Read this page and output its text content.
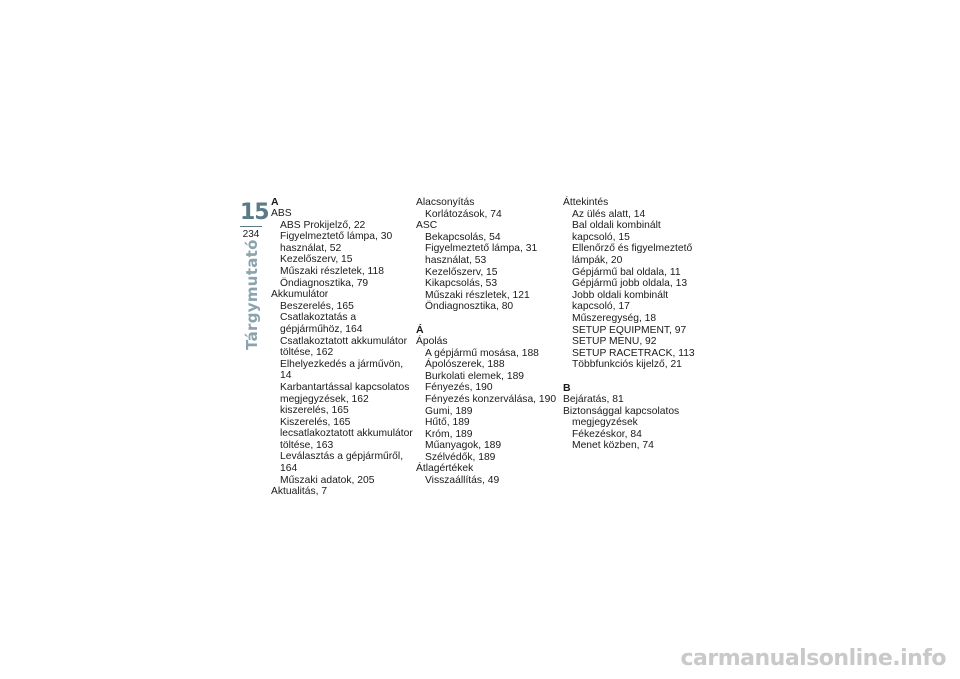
15
234
Tárgymutató
A
ABS
ABS Prokijelző, 22
Figyelmeztető lámpa, 30
használat, 52
Kezelőszerv, 15
Műszaki részletek, 118
Öndiagnosztika, 79
Akkumulátor
Beszerelés, 165
Csatlakoztatás a
gépjárműhöz, 164
Csatlakoztatott akkumulátor
töltése, 162
Elhelyezkedés a járművön, 14
Karbantartással kapcsolatos
megjegyzések, 162
kiszerelés, 165
Kiszerelés, 165
lecsatlakoztatott akkumulátor
töltése, 163
Leválasztás a gépjárműről, 164
Műszaki adatok, 205
Aktualitás, 7
Alacsonyítás
Korlátozások, 74
ASC
Bekapcsolás, 54
Figyelmeztető lámpa, 31
használat, 53
Kezelőszerv, 15
Kikapcsolás, 53
Műszaki részletek, 121
Öndiagnosztika, 80
Á
Ápolás
A gépjármű mosása, 188
Ápolószerek, 188
Burkolati elemek, 189
Fényezés, 190
Fényezés konzerválása, 190
Gumi, 189
Hűtő, 189
Króm, 189
Műanyagok, 189
Szélvédők, 189
Átlagértékek
Visszaállítás, 49
Áttekintés
Az ülés alatt, 14
Bal oldali kombinált
kapcsoló, 15
Ellenőrző és figyelmeztető
lámpák, 20
Gépjármű bal oldala, 11
Gépjármű jobb oldala, 13
Jobb oldali kombinált
kapcsoló, 17
Műszeregység, 18
SETUP EQUIPMENT, 97
SETUP MENU, 92
SETUP RACETRACK, 113
Többfunkciós kijelző, 21
B
Bejáratás, 81
Biztonsággal kapcsolatos
megjegyzések
Fékezéskor, 84
Menet közben, 74
carmanualsonline.info
